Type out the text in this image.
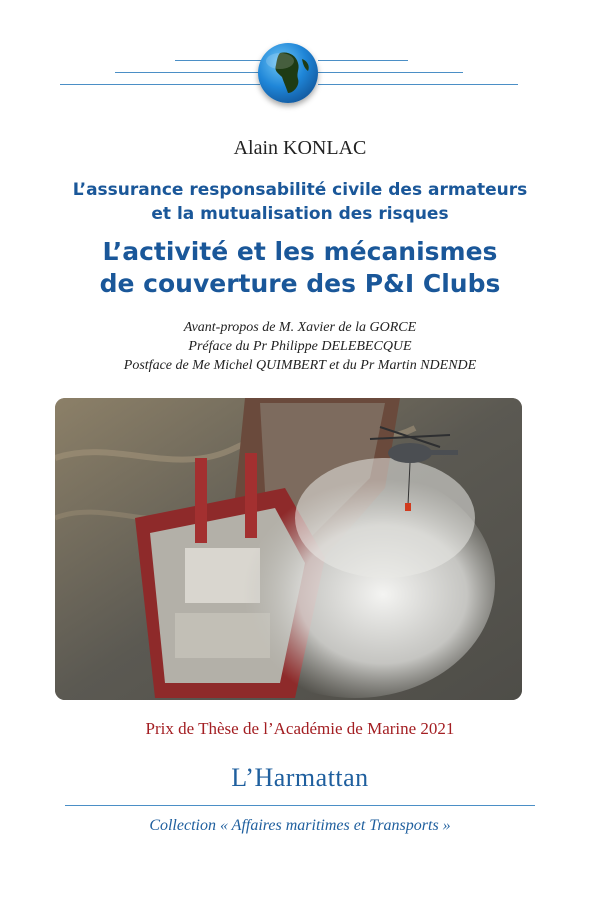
Alain KONLAC
L’assurance responsabilité civile des armateurs
et la mutualisation des risques
L’activité et les mécanismes
de couverture des P&I Clubs
Avant-propos de M. Xavier de la GORCE
Préface du Pr Philippe DELEBECQUE
Postface de Me Michel QUIMBERT et du Pr Martin NDENDE
Prix de Thèse de l’Académie de Marine 2021
L’Harmattan
Collection « Affaires maritimes et Transports »
